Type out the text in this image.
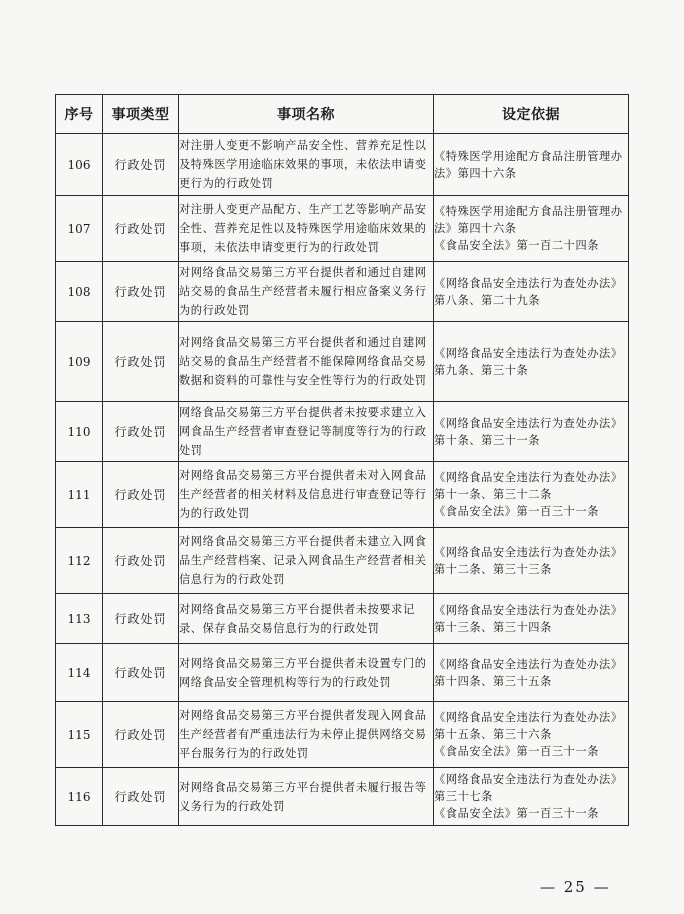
序号	事项类型	事项名称	设定依据
106	行政处罚	对注册人变更不影响产品安全性、营养充足性以及特殊医学用途临床效果的事项，未依法申请变更行为的行政处罚	《特殊医学用途配方食品注册管理办法》第四十六条
107	行政处罚	对注册人变更产品配方、生产工艺等影响产品安全性、营养充足性以及特殊医学用途临床效果的事项，未依法申请变更行为的行政处罚	《特殊医学用途配方食品注册管理办法》第四十六条
《食品安全法》第一百二十四条
108	行政处罚	对网络食品交易第三方平台提供者和通过自建网站交易的食品生产经营者未履行相应备案义务行为的行政处罚	《网络食品安全违法行为查处办法》第八条、第二十九条
109	行政处罚	对网络食品交易第三方平台提供者和通过自建网站交易的食品生产经营者不能保障网络食品交易数据和资料的可靠性与安全性等行为的行政处罚	《网络食品安全违法行为查处办法》第九条、第三十条
110	行政处罚	网络食品交易第三方平台提供者未按要求建立入网食品生产经营者审查登记等制度等行为的行政处罚	《网络食品安全违法行为查处办法》第十条、第三十一条
111	行政处罚	对网络食品交易第三方平台提供者未对入网食品生产经营者的相关材料及信息进行审查登记等行为的行政处罚	《网络食品安全违法行为查处办法》第十一条、第三十二条
《食品安全法》第一百三十一条
112	行政处罚	对网络食品交易第三方平台提供者未建立入网食品生产经营档案、记录入网食品生产经营者相关信息行为的行政处罚	《网络食品安全违法行为查处办法》第十二条、第三十三条
113	行政处罚	对网络食品交易第三方平台提供者未按要求记录、保存食品交易信息行为的行政处罚	《网络食品安全违法行为查处办法》第十三条、第三十四条
114	行政处罚	对网络食品交易第三方平台提供者未设置专门的网络食品安全管理机构等行为的行政处罚	《网络食品安全违法行为查处办法》第十四条、第三十五条
115	行政处罚	对网络食品交易第三方平台提供者发现入网食品生产经营者有严重违法行为未停止提供网络交易平台服务行为的行政处罚	《网络食品安全违法行为查处办法》第十五条、第三十六条
《食品安全法》第一百三十一条
116	行政处罚	对网络食品交易第三方平台提供者未履行报告等义务行为的行政处罚	《网络食品安全违法行为查处办法》第三十七条
《食品安全法》第一百三十一条
— 25 —
